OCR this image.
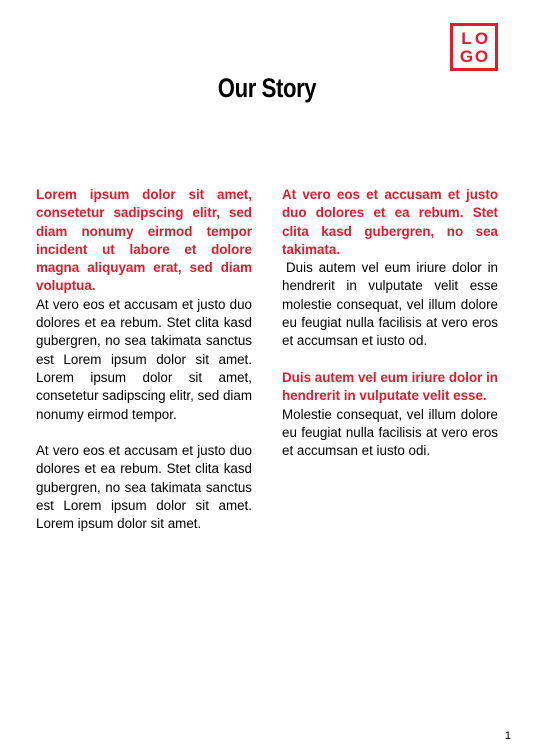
L O
G O
Our Story

Lorem ipsum dolor sit amet, consetetur sadipscing elitr, sed diam nonumy eirmod tempor incident ut labore et dolore magna aliquyam erat, sed diam voluptua.

At vero eos et accusam et justo duo dolores et ea rebum. Stet clita kasd gubergren, no sea takimata sanctus est Lorem ipsum dolor sit amet. Lorem ipsum dolor sit amet, consetetur sadipscing elitr, sed diam nonumy eirmod tempor.

At vero eos et accusam et justo duo dolores et ea rebum. Stet clita kasd gubergren, no sea takimata sanctus est Lorem ipsum dolor sit amet. Lorem ipsum dolor sit amet.

At vero eos et accusam et justo duo dolores et ea rebum. Stet clita kasd gubergren, no sea takimata.

Duis autem vel eum iriure dolor in hendrerit in vulputate velit esse molestie consequat, vel illum dolore eu feugiat nulla facilisis at vero eros et accumsan et iusto od.

Duis autem vel eum iriure dolor in hendrerit in vulputate velit esse.

Molestie consequat, vel illum dolore eu feugiat nulla facilisis at vero eros et accumsan et iusto odi.

1
